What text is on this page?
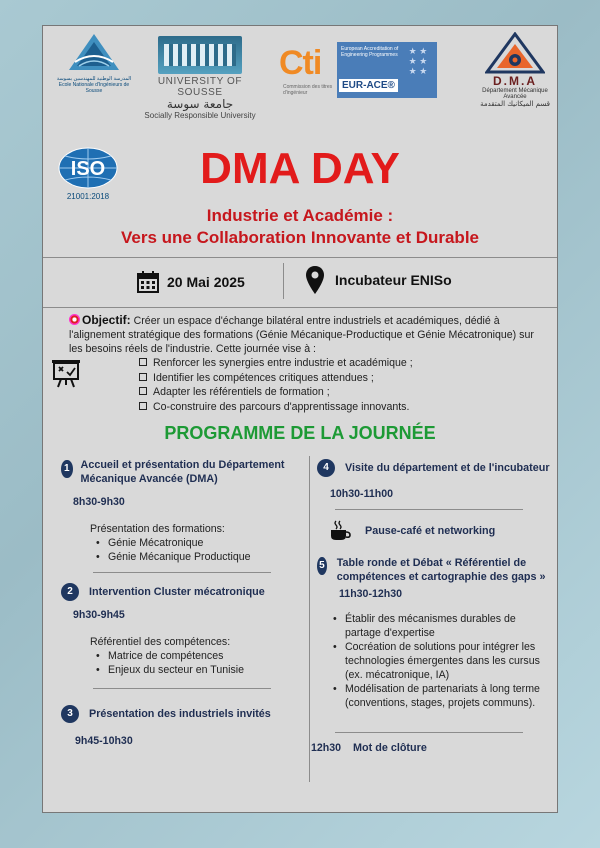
المدرسة الوطنية للمهندسين بسوسة
Ecole Nationale d'Ingénieurs de Sousse
UNIVERSITY OF SOUSSE
جامعة سوسة
Socially Responsible University
Cti
Commission des titres d'ingénieur
European Accreditation of Engineering Programmes	★ ★
★ ★
★ ★
EUR-ACE®	D.M.A
Département Mécanique Avancée
قسم الميكانيك المتقدمة
ISO
21001:2018
DMA DAY
Industrie et Académie :
Vers une Collaboration Innovante et Durable
20 Mai 2025	Incubateur ENISo
Objectif: Créer un espace d'échange bilatéral entre industriels et académiques, dédié à l'alignement stratégique des formations (Génie Mécanique-Productique et Génie Mécatronique) sur les besoins réels de l'industrie. Cette journée vise à :
Renforcer les synergies entre industrie et académique ;
Identifier les compétences critiques attendues ;
Adapter les référentiels de formation ;
Co-construire des parcours d'apprentissage innovants.
PROGRAMME DE LA JOURNÉE
1 Accueil et présentation du Département Mécanique Avancée (DMA)
8h30-9h30
Présentation des formations:
• Génie Mécatronique
• Génie Mécanique Productique
2	Intervention Cluster mécatronique
9h30-9h45
Référentiel des compétences:
• Matrice de compétences
• Enjeux du secteur en Tunisie
3	Présentation des industriels invités
9h45-10h30
4	Visite du département et de l'incubateur
10h30-11h00
Pause-café et networking
5 Table ronde et Débat « Référentiel de compétences et cartographie des gaps »
11h30-12h30
• Établir des mécanismes durables de partage d'expertise
• Cocréation de solutions pour intégrer les technologies émergentes dans les cursus (ex. mécatronique, IA)
• Modélisation de partenariats à long terme (conventions, stages, projets communs).
12h30 Mot de clôture
